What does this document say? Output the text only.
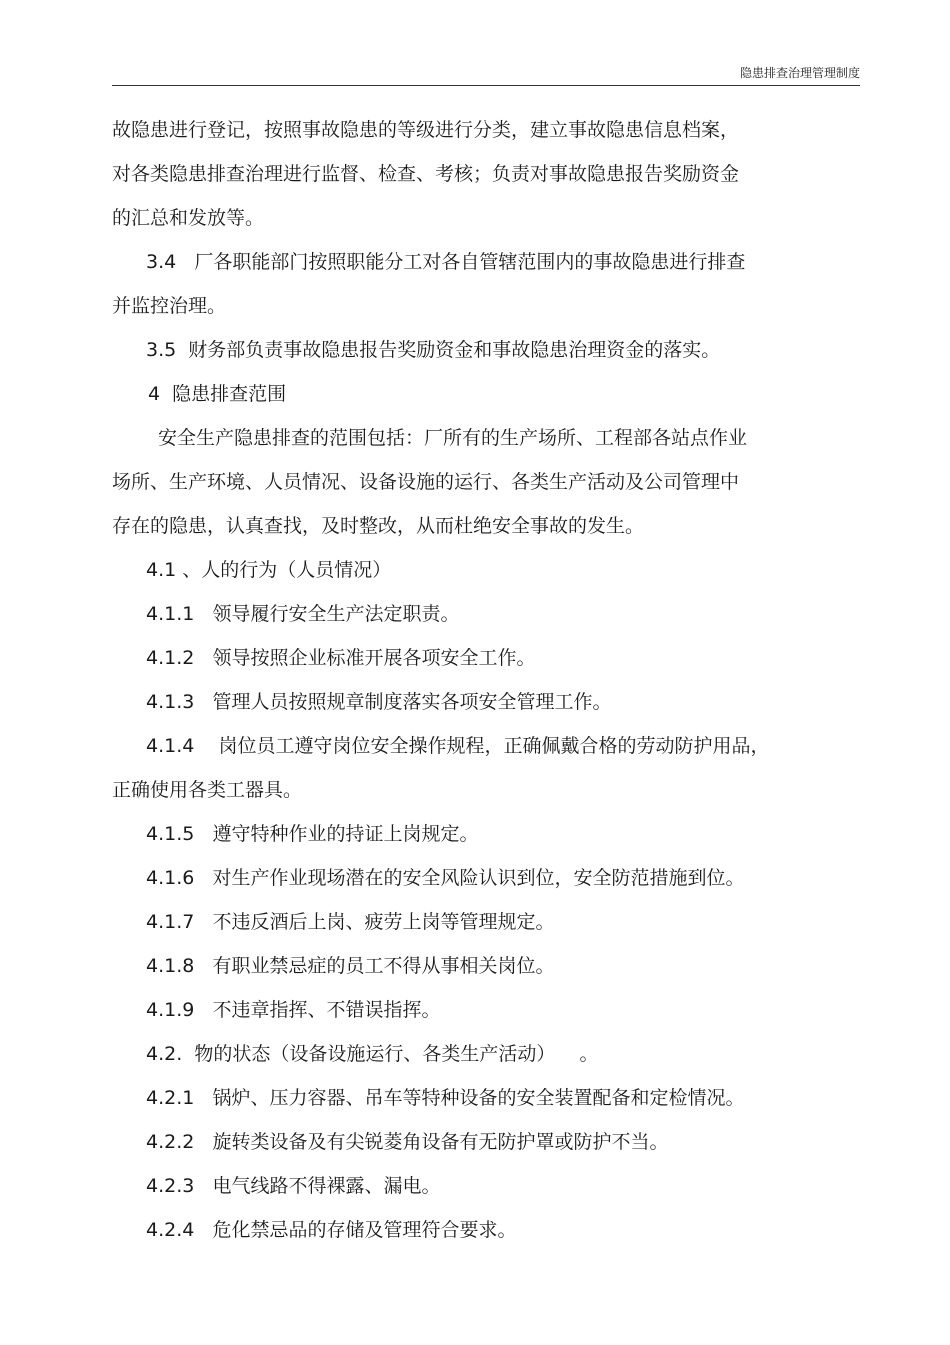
隐患排查治理管理制度
故隐患进行登记，按照事故隐患的等级进行分类，建立事故隐患信息档案，
对各类隐患排查治理进行监督、检查、考核；负责对事故隐患报告奖励资金
的汇总和发放等。
3.4   厂各职能部门按照职能分工对各自管辖范围内的事故隐患进行排查
并监控治理。
3.5  财务部负责事故隐患报告奖励资金和事故隐患治理资金的落实。
4  隐患排查范围
安全生产隐患排查的范围包括：厂所有的生产场所、工程部各站点作业
场所、生产环境、人员情况、设备设施的运行、各类生产活动及公司管理中
存在的隐患，认真查找，及时整改，从而杜绝安全事故的发生。
4.1 、人的行为（人员情况）
4.1.1   领导履行安全生产法定职责。
4.1.2   领导按照企业标准开展各项安全工作。
4.1.3   管理人员按照规章制度落实各项安全管理工作。
4.1.4    岗位员工遵守岗位安全操作规程，正确佩戴合格的劳动防护用品，
正确使用各类工器具。
4.1.5   遵守特种作业的持证上岗规定。
4.1.6   对生产作业现场潜在的安全风险认识到位，安全防范措施到位。
4.1.7   不违反酒后上岗、疲劳上岗等管理规定。
4.1.8   有职业禁忌症的员工不得从事相关岗位。
4.1.9   不违章指挥、不错误指挥。
4.2.  物的状态（设备设施运行、各类生产活动）    。
4.2.1   锅炉、压力容器、吊车等特种设备的安全装置配备和定检情况。
4.2.2   旋转类设备及有尖锐菱角设备有无防护罩或防护不当。
4.2.3   电气线路不得裸露、漏电。
4.2.4   危化禁忌品的存储及管理符合要求。
